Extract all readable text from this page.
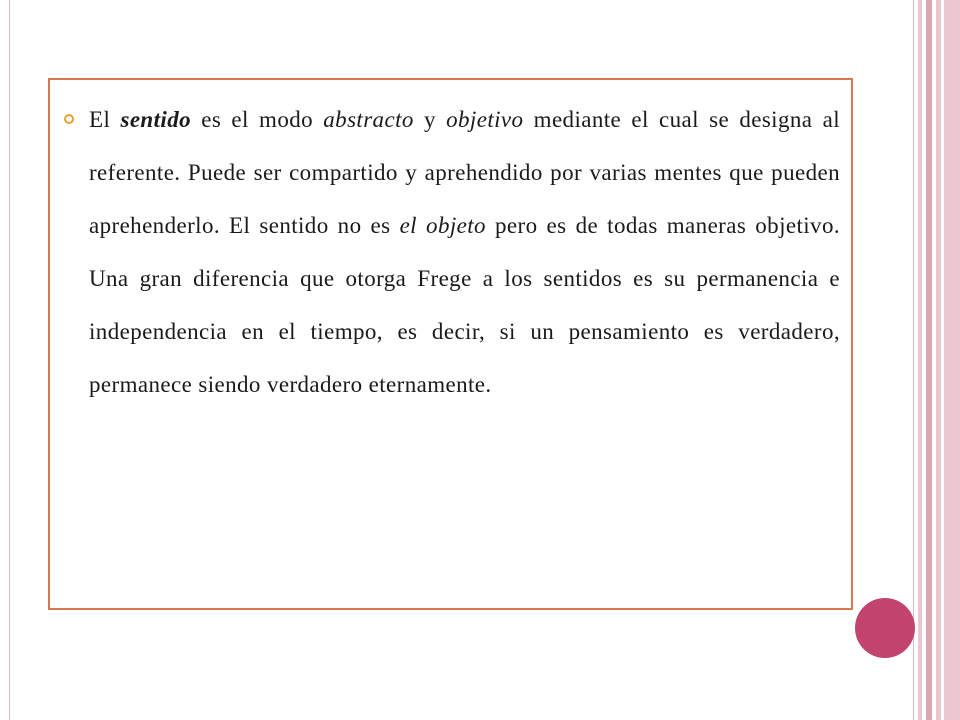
El sentido es el modo abstracto y objetivo mediante el cual se designa al referente. Puede ser compartido y aprehendido por varias mentes que pueden aprehenderlo. El sentido no es el objeto pero es de todas maneras objetivo. Una gran diferencia que otorga Frege a los sentidos es su permanencia e independencia en el tiempo, es decir, si un pensamiento es verdadero, permanece siendo verdadero eternamente.
